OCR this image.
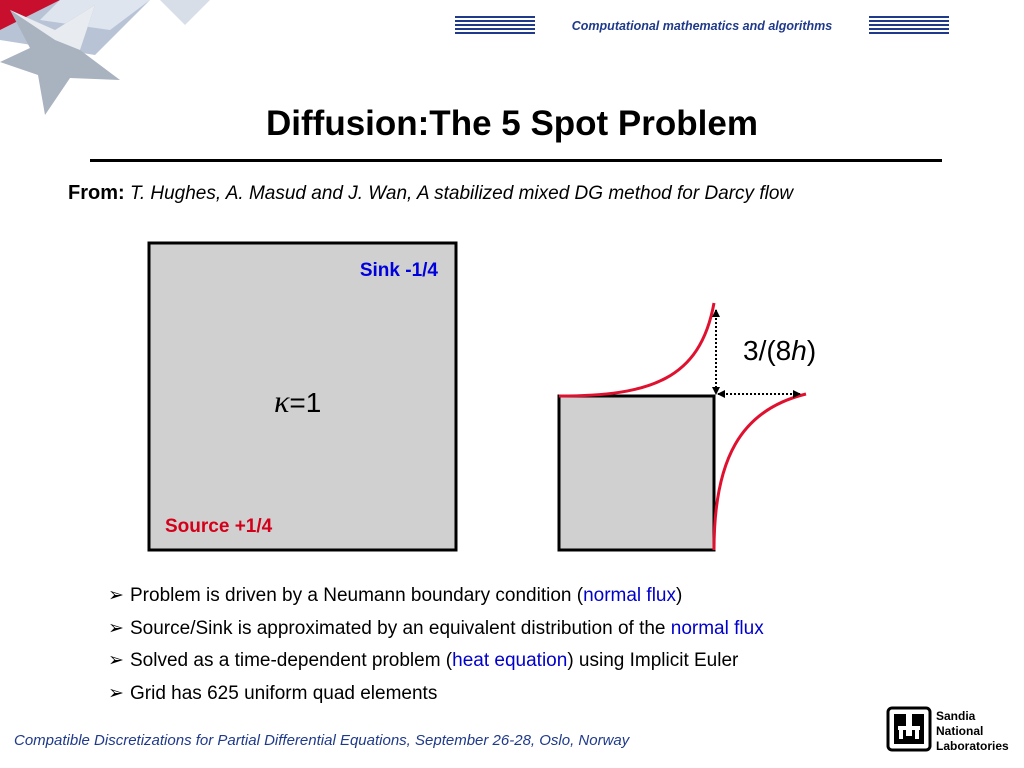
Computational mathematics and algorithms
Diffusion:The 5 Spot Problem
From: T. Hughes, A. Masud and J. Wan, A stabilized mixed DG method for Darcy flow
Sink -1/4
Source +1/4
κ=1
3/(8h)
➢ Problem is driven by a Neumann boundary condition (normal flux)
➢ Source/Sink is approximated by an equivalent distribution of the normal flux
➢ Solved as a time-dependent problem (heat equation) using Implicit Euler
➢ Grid has 625 uniform quad elements
Compatible Discretizations for Partial Differential Equations, September 26-28, Oslo, Norway
Sandia
National
Laboratories
